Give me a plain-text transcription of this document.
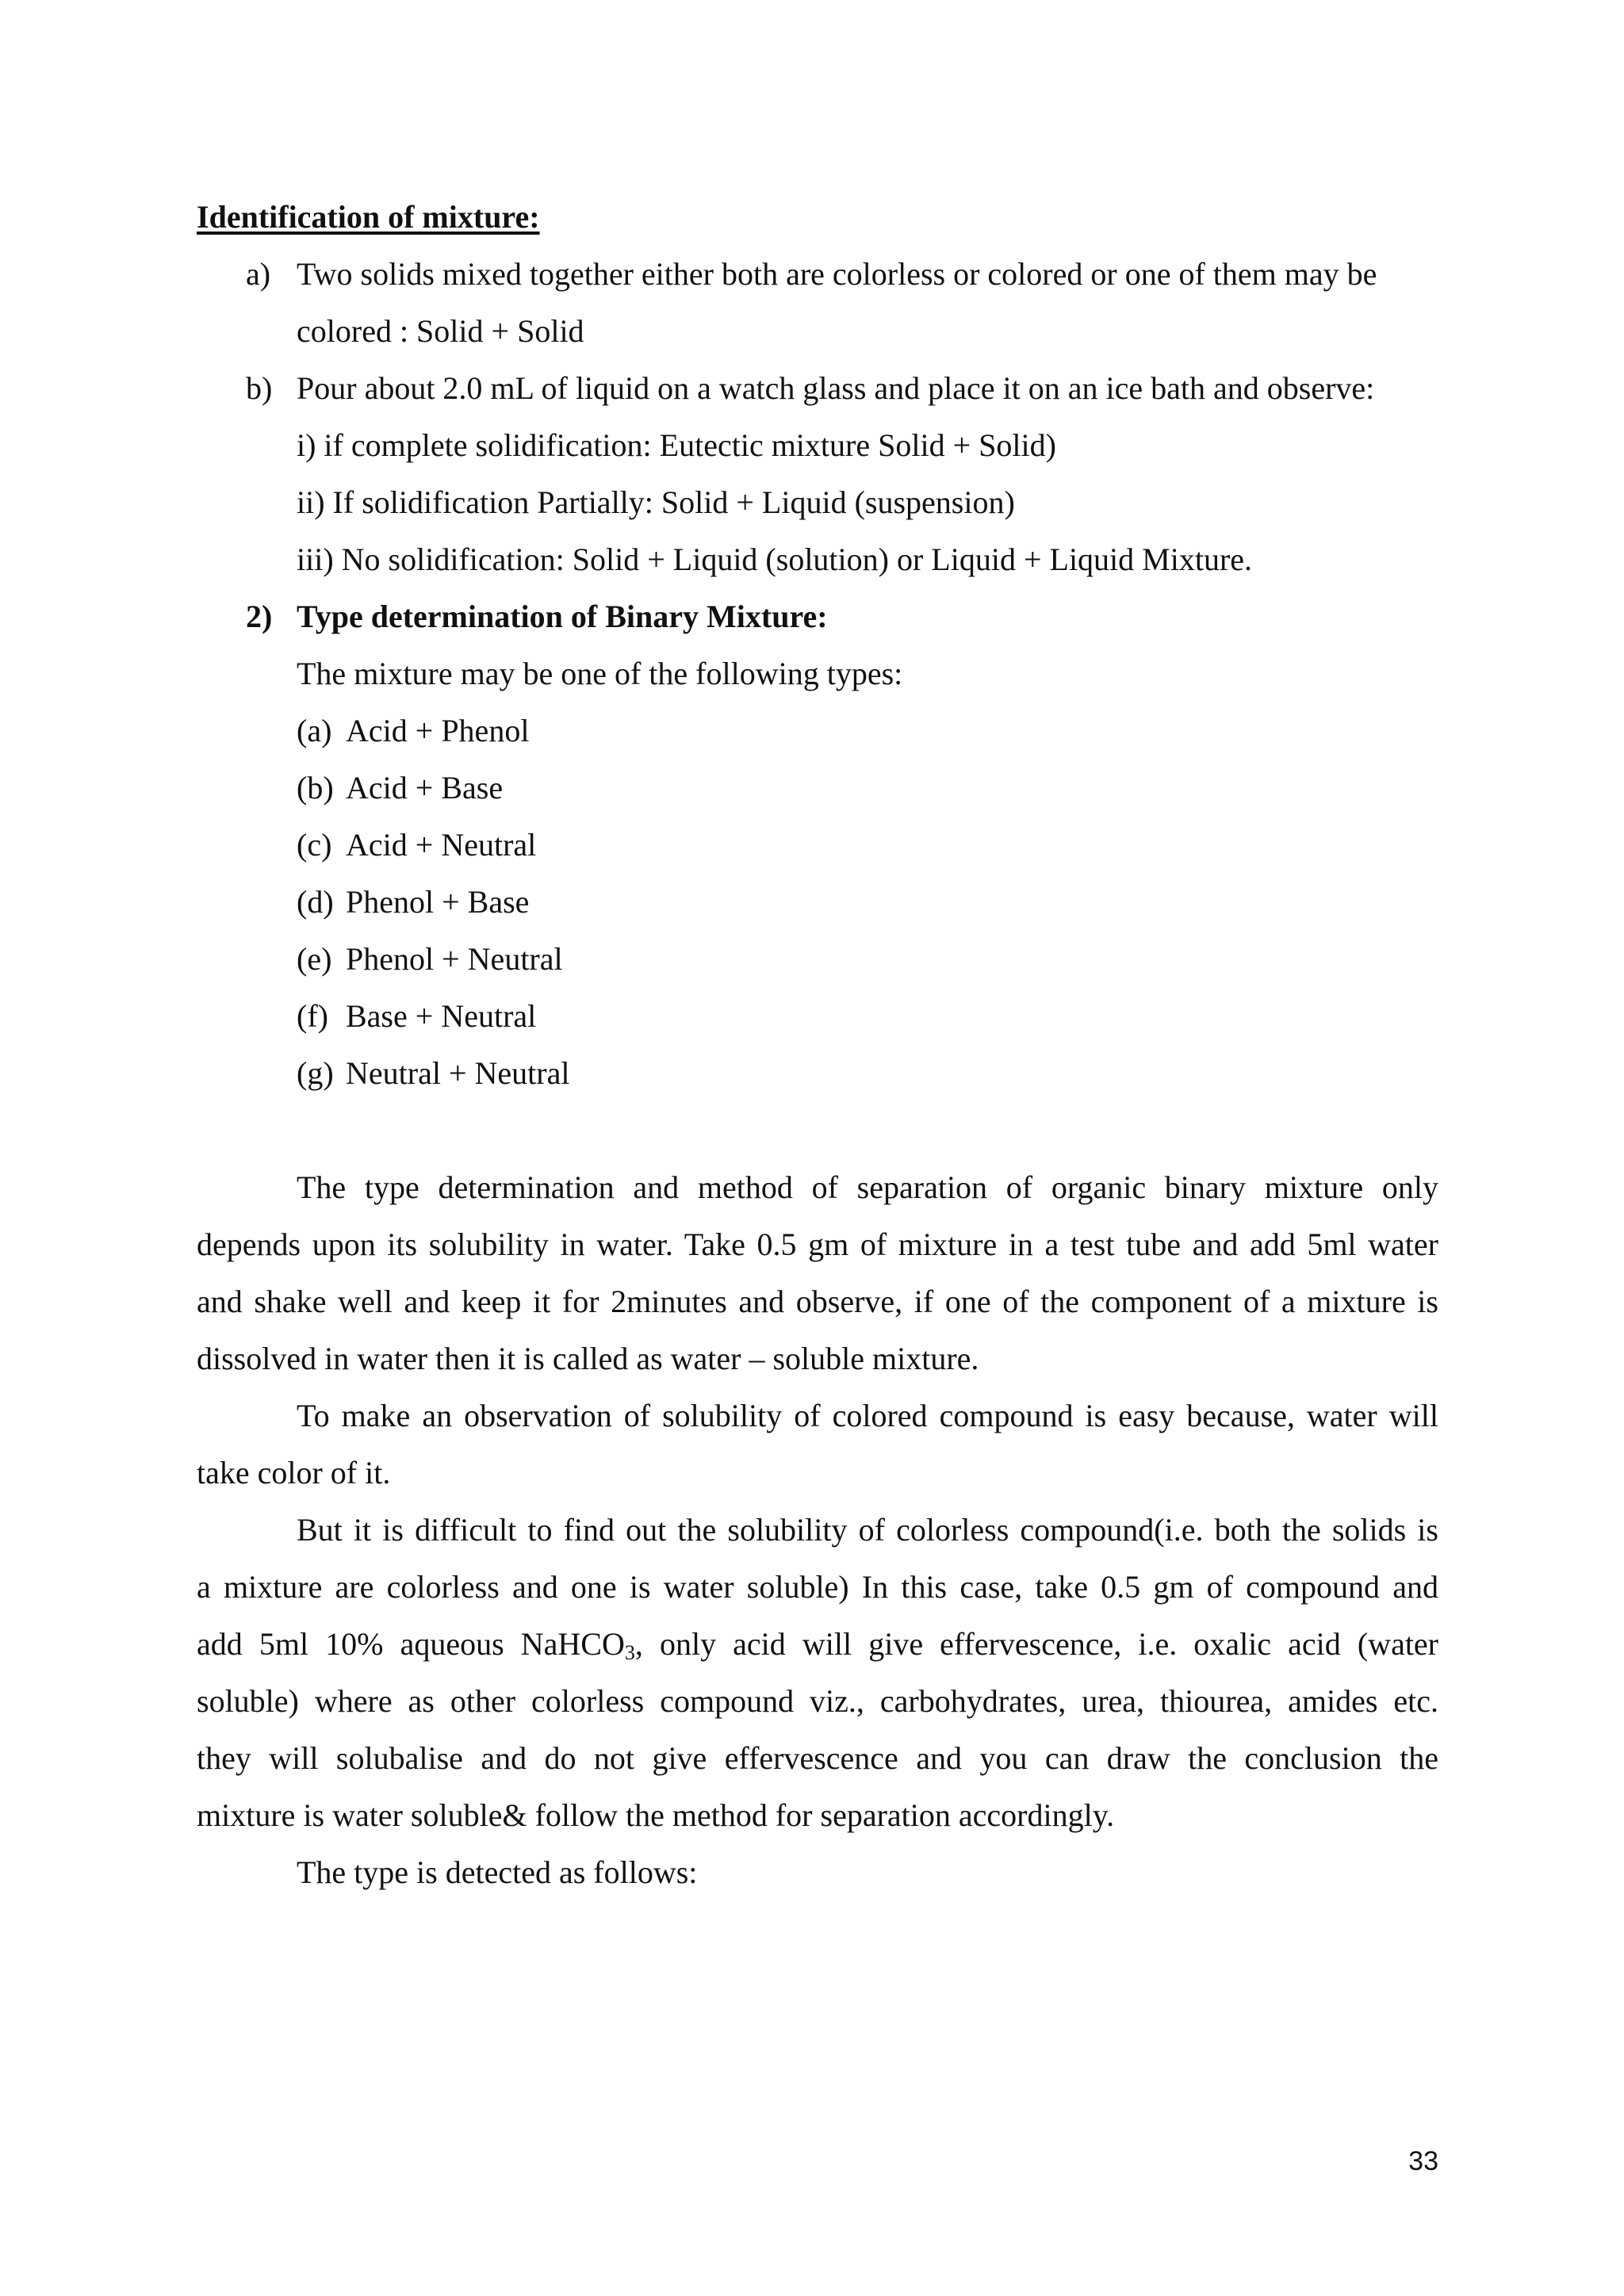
Identification of mixture:
a) Two solids mixed together either both are colorless or colored or one of them may be
colored : Solid + Solid
b) Pour about 2.0 mL of liquid on a watch glass and place it on an ice bath and observe:
i) if complete solidification: Eutectic mixture Solid + Solid)
ii) If solidification Partially: Solid + Liquid (suspension)
iii) No solidification: Solid + Liquid (solution) or Liquid + Liquid Mixture.
2) Type determination of Binary Mixture:
The mixture may be one of the following types:
(a) Acid + Phenol
(b) Acid + Base
(c) Acid + Neutral
(d) Phenol + Base
(e) Phenol + Neutral
(f) Base + Neutral
(g) Neutral + Neutral
The type determination and method of separation of organic binary mixture only
depends upon its solubility in water. Take 0.5 gm of mixture in a test tube and add 5ml water
and shake well and keep it for 2minutes and observe, if one of the component of a mixture is
dissolved in water then it is called as water – soluble mixture.
To make an observation of solubility of colored compound is easy because, water will
take color of it.
But it is difficult to find out the solubility of colorless compound(i.e. both the solids is
a mixture are colorless and one is water soluble) In this case, take 0.5 gm of compound and
add 5ml 10% aqueous NaHCO$_3$, only acid will give effervescence, i.e. oxalic acid (water
soluble) where as other colorless compound viz., carbohydrates, urea, thiourea, amides etc.
they will solubalise and do not give effervescence and you can draw the conclusion the
mixture is water soluble& follow the method for separation accordingly.
The type is detected as follows:
33
